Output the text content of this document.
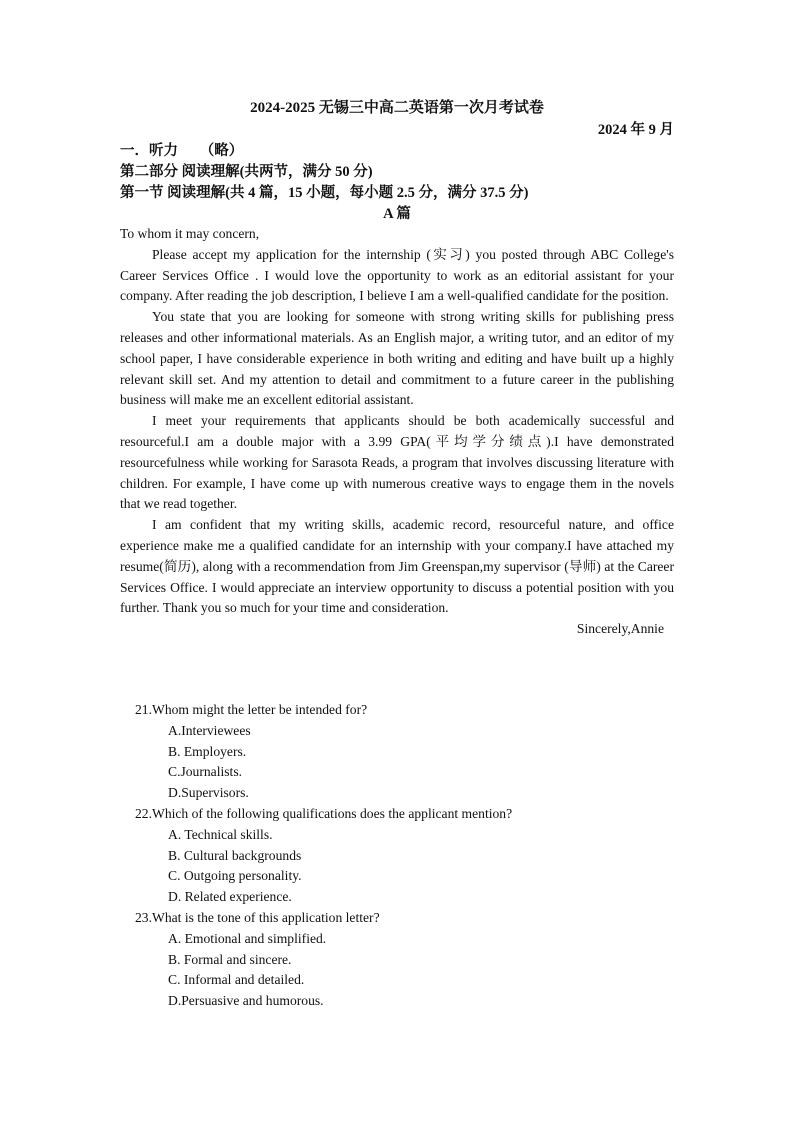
2024-2025 无锡三中高二英语第一次月考试卷
2024 年 9 月
一．听力　　（略）
第二部分 阅读理解(共两节，满分 50 分)
第一节 阅读理解(共 4 篇，15 小题，每小题 2.5 分，满分 37.5 分)
A 篇

To whom it may concern,

Please accept my application for the internship (实习) you posted through ABC College's Career Services Office . I would love the opportunity to work as an editorial assistant for your company. After reading the job description, I believe I am a well-qualified candidate for the position.

You state that you are looking for someone with strong writing skills for publishing press releases and other informational materials. As an English major, a writing tutor, and an editor of my school paper, I have considerable experience in both writing and editing and have built up a highly relevant skill set. And my attention to detail and commitment to a future career in the publishing business will make me an excellent editorial assistant.

I meet your requirements that applicants should be both academically successful and resourceful.I am a double major with a 3.99 GPA(平均学分绩点).I have demonstrated resourcefulness while working for Sarasota Reads, a program that involves discussing literature with children. For example, I have come up with numerous creative ways to engage them in the novels that we read together.

I am confident that my writing skills, academic record, resourceful nature, and office experience make me a qualified candidate for an internship with your company.I have attached my resume(简历), along with a recommendation from Jim Greenspan,my supervisor (导师) at the Career Services Office. I would appreciate an interview opportunity to discuss a potential position with you further. Thank you so much for your time and consideration.

Sincerely,Annie

21.Whom might the letter be intended for?

A.Interviewees

B. Employers.

C.Journalists.

D.Supervisors.

22.Which of the following qualifications does the applicant mention?

A. Technical skills.

B. Cultural backgrounds

C. Outgoing personality.

D. Related experience.

23.What is the tone of this application letter?

A. Emotional and simplified.

B. Formal and sincere.

C. Informal and detailed.

D.Persuasive and humorous.
